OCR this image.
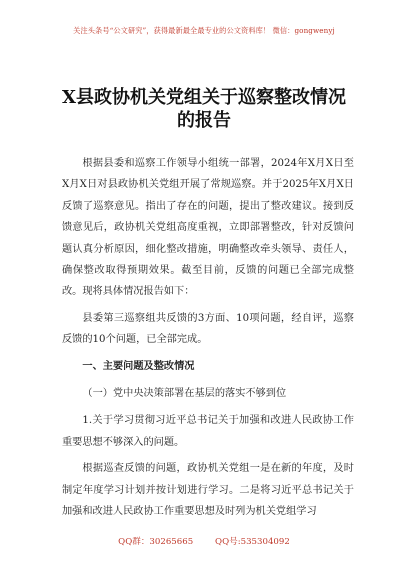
关注头条号“公文研究”，获得最新最全最专业的公文资料库！ 微信：gongwenyj
X县政协机关党组关于巡察整改情况的报告

根据县委和巡察工作领导小组统一部署，2024年X月X日至X月X日对县政协机关党组开展了常规巡察。并于2025年X月X日反馈了巡察意见。指出了存在的问题，提出了整改建议。接到反馈意见后，政协机关党组高度重视，立即部署整改，针对反馈问题认真分析原因，细化整改措施，明确整改牵头领导、责任人，确保整改取得预期效果。截至目前，反馈的问题已全部完成整改。现将具体情况报告如下：

县委第三巡察组共反馈的3方面、10项问题，经自评，巡察反馈的10个问题，已全部完成。

一、主要问题及整改情况
（一）党中央决策部署在基层的落实不够到位

1.关于学习贯彻习近平总书记关于加强和改进人民政协工作重要思想不够深入的问题。

根据巡查反馈的问题，政协机关党组一是在新的年度，及时制定年度学习计划并按计划进行学习。二是将习近平总书记关于加强和改进人民政协工作重要思想及时列为机关党组学习

QQ群：30265665        QQ号:535304092
